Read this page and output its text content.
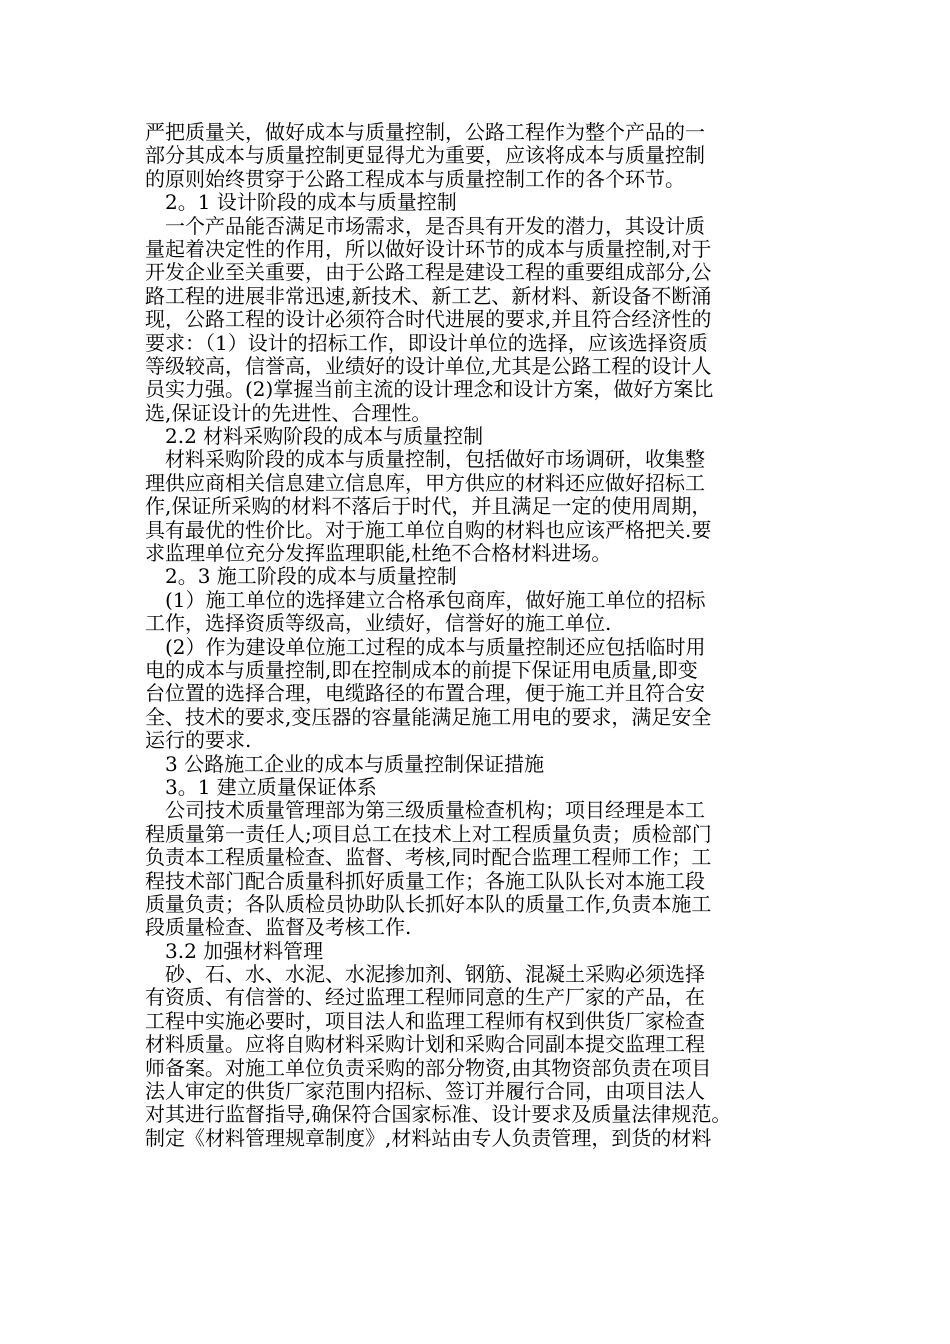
严把质量关，做好成本与质量控制，公路工程作为整个产品的一
部分其成本与质量控制更显得尤为重要，应该将成本与质量控制
的原则始终贯穿于公路工程成本与质量控制工作的各个环节。
　2。1 设计阶段的成本与质量控制
　一个产品能否满足市场需求，是否具有开发的潜力，其设计质
量起着决定性的作用，所以做好设计环节的成本与质量控制,对于
开发企业至关重要，由于公路工程是建设工程的重要组成部分,公
路工程的进展非常迅速,新技术、新工艺、新材料、新设备不断涌
现，公路工程的设计必须符合时代进展的要求,并且符合经济性的
要求：（1）设计的招标工作，即设计单位的选择，应该选择资质
等级较高，信誉高，业绩好的设计单位,尤其是公路工程的设计人
员实力强。(2)掌握当前主流的设计理念和设计方案，做好方案比
选,保证设计的先进性、合理性。
　2.2 材料采购阶段的成本与质量控制
　材料采购阶段的成本与质量控制，包括做好市场调研，收集整
理供应商相关信息建立信息库，甲方供应的材料还应做好招标工
作,保证所采购的材料不落后于时代，并且满足一定的使用周期，
具有最优的性价比。对于施工单位自购的材料也应该严格把关.要
求监理单位充分发挥监理职能,杜绝不合格材料进场。
　2。3 施工阶段的成本与质量控制
　(1）施工单位的选择建立合格承包商库，做好施工单位的招标
工作，选择资质等级高，业绩好，信誉好的施工单位.
　(2）作为建设单位施工过程的成本与质量控制还应包括临时用
电的成本与质量控制,即在控制成本的前提下保证用电质量,即变
台位置的选择合理，电缆路径的布置合理，便于施工并且符合安
全、技术的要求,变压器的容量能满足施工用电的要求，满足安全
运行的要求.
　3 公路施工企业的成本与质量控制保证措施
　3。1 建立质量保证体系
　公司技术质量管理部为第三级质量检查机构；项目经理是本工
程质量第一责任人;项目总工在技术上对工程质量负责；质检部门
负责本工程质量检查、监督、考核,同时配合监理工程师工作；工
程技术部门配合质量科抓好质量工作；各施工队队长对本施工段
质量负责；各队质检员协助队长抓好本队的质量工作,负责本施工
段质量检查、监督及考核工作.
　3.2 加强材料管理
　砂、石、水、水泥、水泥掺加剂、钢筋、混凝土采购必须选择
有资质、有信誉的、经过监理工程师同意的生产厂家的产品，在
工程中实施必要时，项目法人和监理工程师有权到供货厂家检查
材料质量。应将自购材料采购计划和采购合同副本提交监理工程
师备案。对施工单位负责采购的部分物资,由其物资部负责在项目
法人审定的供货厂家范围内招标、签订并履行合同，由项目法人
对其进行监督指导,确保符合国家标准、设计要求及质量法律规范。
制定《材料管理规章制度》,材料站由专人负责管理，到货的材料
